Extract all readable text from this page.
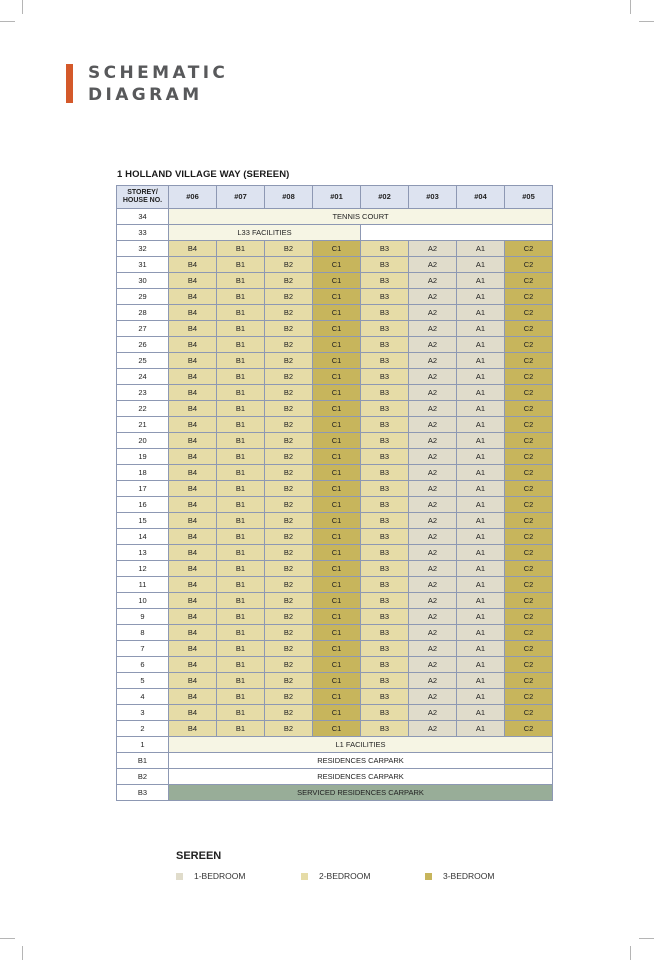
SCHEMATIC
DIAGRAM
1 HOLLAND VILLAGE WAY (SEREEN)
STOREY/ HOUSE NO.	#06	#07	#08	#01	#02	#03	#04	#05
34	TENNIS COURT							
33	L33 FACILITIES							
32	B4	B1	B2	C1	B3	A2	A1	C2
31	B4	B1	B2	C1	B3	A2	A1	C2
30	B4	B1	B2	C1	B3	A2	A1	C2
29	B4	B1	B2	C1	B3	A2	A1	C2
28	B4	B1	B2	C1	B3	A2	A1	C2
27	B4	B1	B2	C1	B3	A2	A1	C2
26	B4	B1	B2	C1	B3	A2	A1	C2
25	B4	B1	B2	C1	B3	A2	A1	C2
24	B4	B1	B2	C1	B3	A2	A1	C2
23	B4	B1	B2	C1	B3	A2	A1	C2
22	B4	B1	B2	C1	B3	A2	A1	C2
21	B4	B1	B2	C1	B3	A2	A1	C2
20	B4	B1	B2	C1	B3	A2	A1	C2
19	B4	B1	B2	C1	B3	A2	A1	C2
18	B4	B1	B2	C1	B3	A2	A1	C2
17	B4	B1	B2	C1	B3	A2	A1	C2
16	B4	B1	B2	C1	B3	A2	A1	C2
15	B4	B1	B2	C1	B3	A2	A1	C2
14	B4	B1	B2	C1	B3	A2	A1	C2
13	B4	B1	B2	C1	B3	A2	A1	C2
12	B4	B1	B2	C1	B3	A2	A1	C2
11	B4	B1	B2	C1	B3	A2	A1	C2
10	B4	B1	B2	C1	B3	A2	A1	C2
9	B4	B1	B2	C1	B3	A2	A1	C2
8	B4	B1	B2	C1	B3	A2	A1	C2
7	B4	B1	B2	C1	B3	A2	A1	C2
6	B4	B1	B2	C1	B3	A2	A1	C2
5	B4	B1	B2	C1	B3	A2	A1	C2
4	B4	B1	B2	C1	B3	A2	A1	C2
3	B4	B1	B2	C1	B3	A2	A1	C2
2	B4	B1	B2	C1	B3	A2	A1	C2
1	L1 FACILITIES							
B1	RESIDENCES CARPARK							
B2	RESIDENCES CARPARK							
B3	SERVICED RESIDENCES CARPARK							
SEREEN
1-BEDROOM	2-BEDROOM	3-BEDROOM
